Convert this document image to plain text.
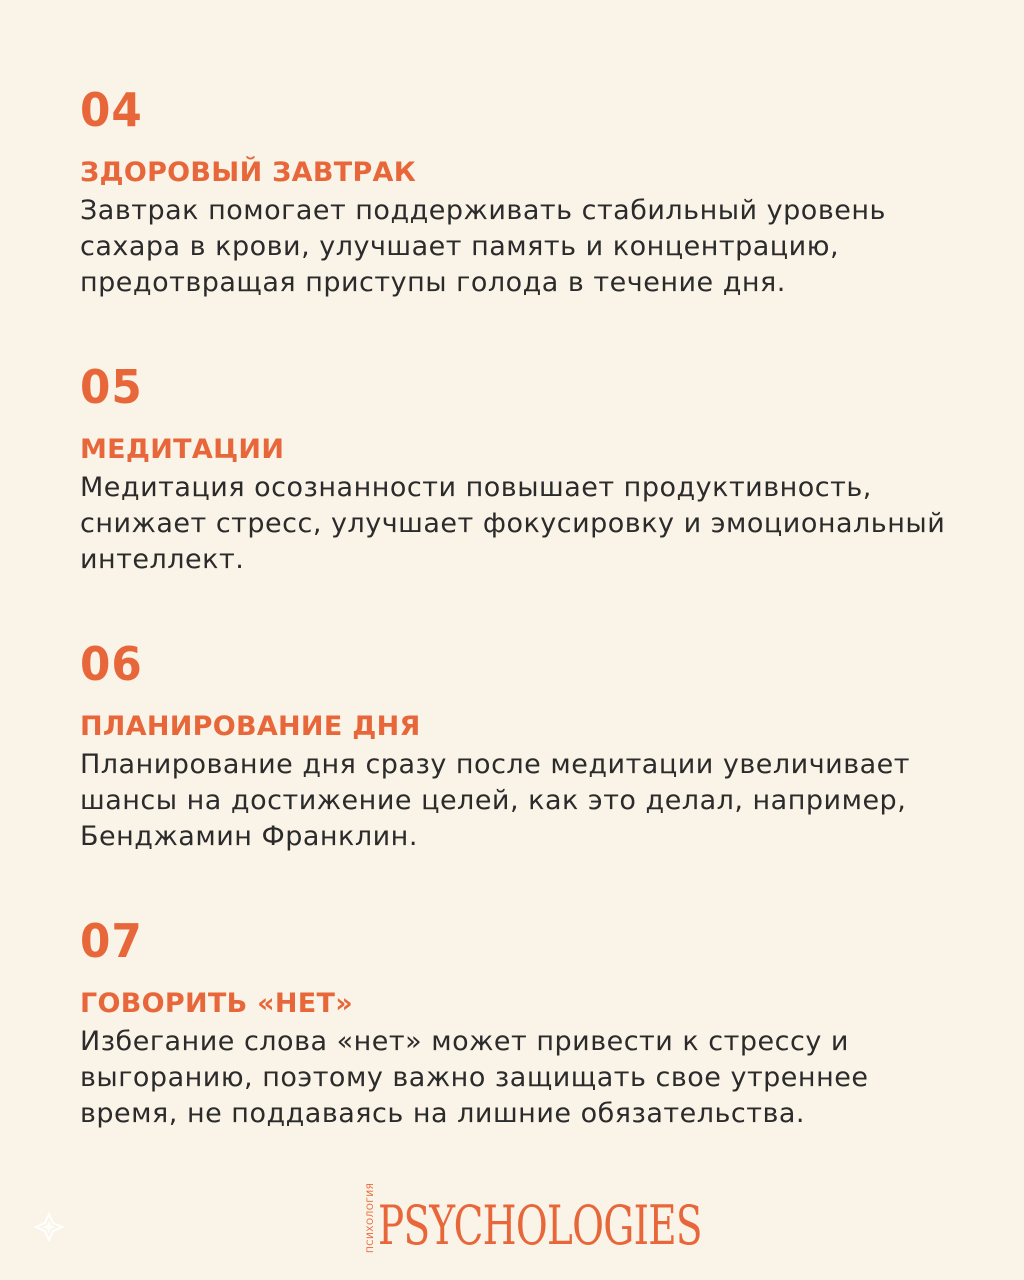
04
ЗДОРОВЫЙ ЗАВТРАК
Завтрак помогает поддерживать стабильный уровень
сахара в крови, улучшает память и концентрацию,
предотвращая приступы голода в течение дня.
05
МЕДИТАЦИИ
Медитация осознанности повышает продуктивность,
снижает стресс, улучшает фокусировку и эмоциональный
интеллект.
06
ПЛАНИРОВАНИЕ ДНЯ
Планирование дня сразу после медитации увеличивает
шансы на достижение целей, как это делал, например,
Бенджамин Франклин.
07
ГОВОРИТЬ «НЕТ»
Избегание слова «нет» может привести к стрессу и
выгоранию, поэтому важно защищать свое утреннее
время, не поддаваясь на лишние обязательства.
ПСИХОЛОГИЯ PSYCHOLOGIES
